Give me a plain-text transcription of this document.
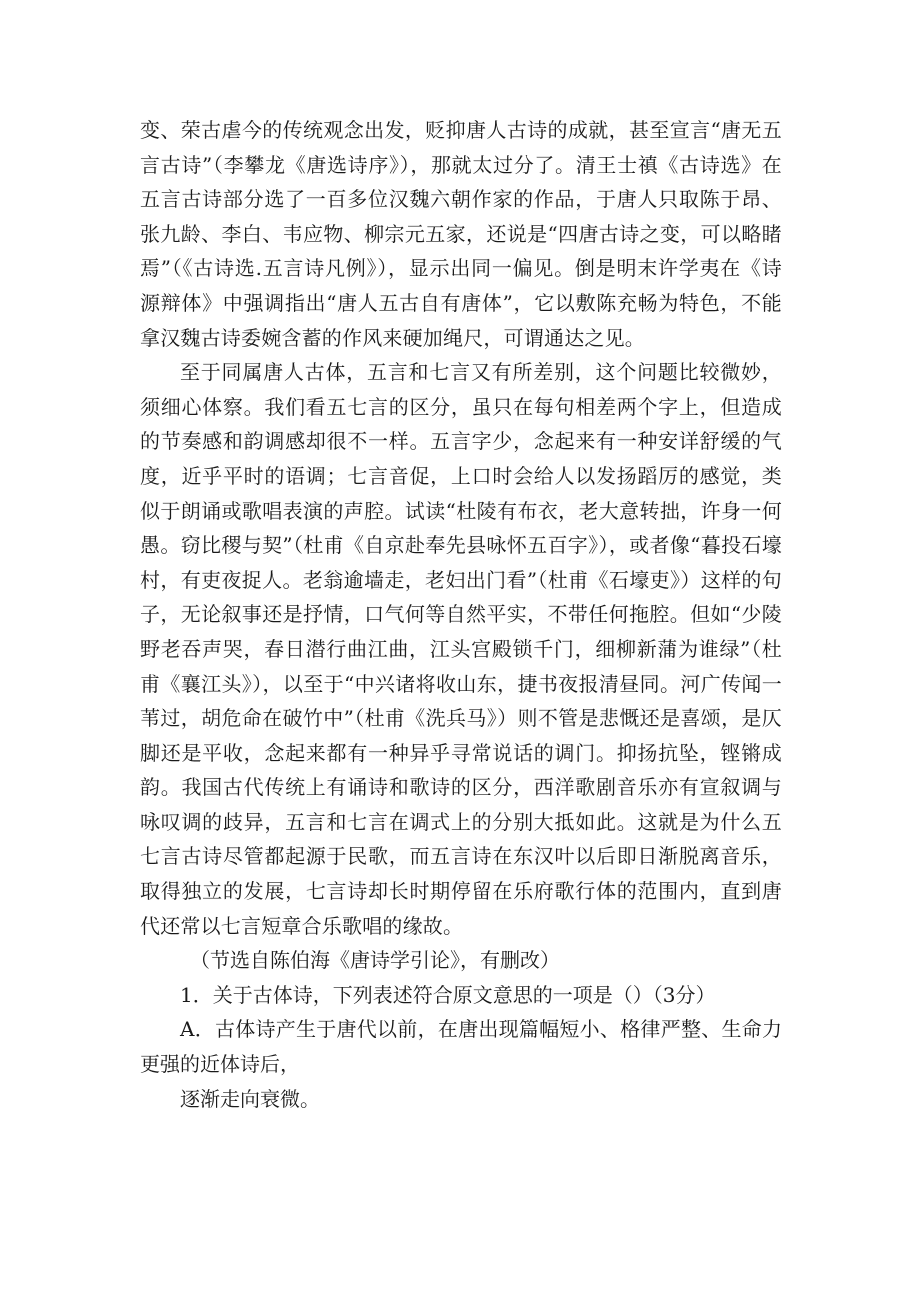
变、荣古虐今的传统观念出发，贬抑唐人古诗的成就，甚至宣言“唐无五言古诗”（李攀龙《唐选诗序》），那就太过分了。清王士禛《古诗选》在五言古诗部分选了一百多位汉魏六朝作家的作品，于唐人只取陈于昂、张九龄、李白、韦应物、柳宗元五家，还说是“四唐古诗之变，可以略睹焉”（《古诗选.五言诗凡例》），显示出同一偏见。倒是明末许学夷在《诗源辩体》中强调指出“唐人五古自有唐体”，它以敷陈充畅为特色，不能拿汉魏古诗委婉含蓄的作风来硬加绳尺，可谓通达之见。

至于同属唐人古体，五言和七言又有所差别，这个问题比较微妙，须细心体察。我们看五七言的区分，虽只在每句相差两个字上，但造成的节奏感和韵调感却很不一样。五言字少，念起来有一种安详舒缓的气度，近乎平时的语调；七言音促，上口时会给人以发扬蹈厉的感觉，类似于朗诵或歌唱表演的声腔。试读“杜陵有布衣，老大意转拙，许身一何愚。窃比稷与契”（杜甫《自京赴奉先县咏怀五百字》），或者像“暮投石壕村，有吏夜捉人。老翁逾墙走，老妇出门看”（杜甫《石壕吏》）这样的句子，无论叙事还是抒情，口气何等自然平实，不带任何拖腔。但如“少陵野老吞声哭，春日潜行曲江曲，江头宫殿锁千门，细柳新蒲为谁绿”（杜甫《襄江头》），以至于“中兴诸将收山东，捷书夜报清昼同。河广传闻一苇过，胡危命在破竹中”（杜甫《洗兵马》）则不管是悲慨还是喜颂，是仄脚还是平收，念起来都有一种异乎寻常说话的调门。抑扬抗坠，铿锵成韵。我国古代传统上有诵诗和歌诗的区分，西洋歌剧音乐亦有宣叙调与咏叹调的歧异，五言和七言在调式上的分别大抵如此。这就是为什么五七言古诗尽管都起源于民歌，而五言诗在东汉叶以后即日渐脱离音乐，取得独立的发展，七言诗却长时期停留在乐府歌行体的范围内，直到唐代还常以七言短章合乐歌唱的缘故。

（节选自陈伯海《唐诗学引论》，有删改）

1．关于古体诗，下列表述符合原文意思的一项是（）（3分）

A．古体诗产生于唐代以前，在唐出现篇幅短小、格律严整、生命力更强的近体诗后，

逐渐走向衰微。
